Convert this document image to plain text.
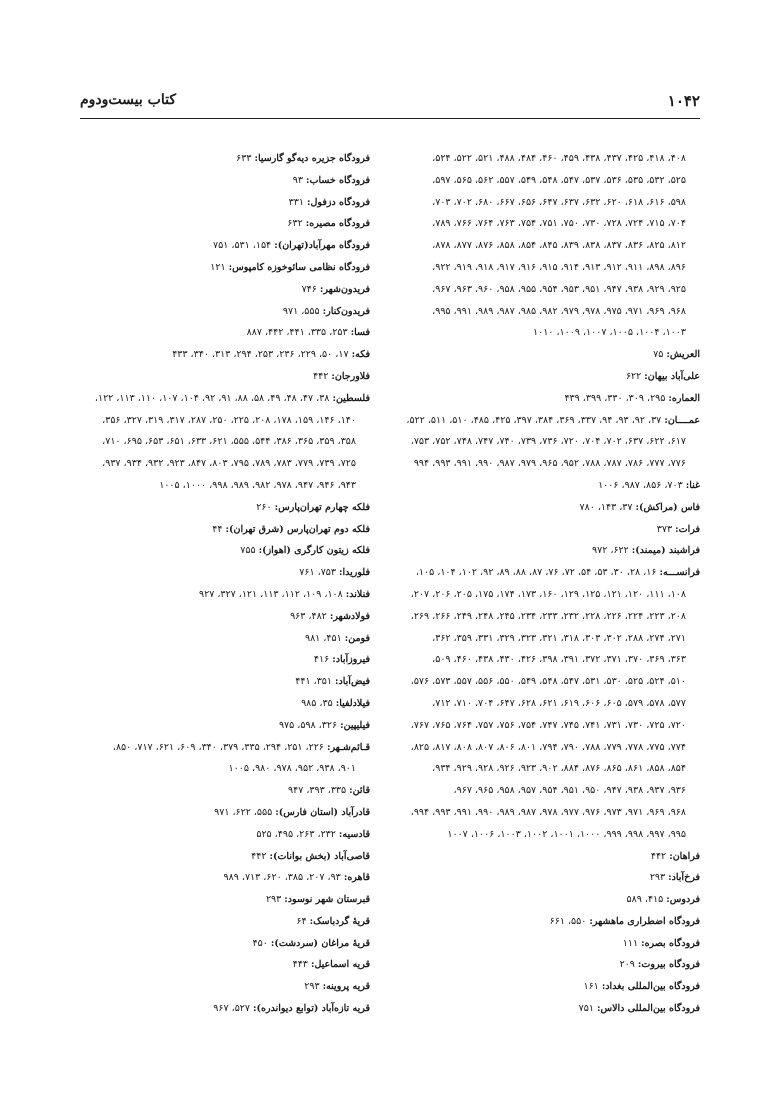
۱۰۴۲
کتاب بیست‌ودوم
۴۰۸، ۴۱۸، ۴۲۵، ۴۳۷، ۴۳۸، ۴۵۹، ۴۶۰، ۴۸۴، ۴۸۸، ۵۲۱، ۵۲۲، ۵۲۴،
۵۲۵، ۵۳۲، ۵۳۵، ۵۳۶، ۵۳۷، ۵۴۷، ۵۴۸، ۵۴۹، ۵۵۷، ۵۶۲، ۵۶۵، ۵۹۷،
۵۹۸، ۶۱۶، ۶۱۸، ۶۲۰، ۶۳۲، ۶۳۷، ۶۴۷، ۶۵۶، ۶۶۷، ۶۸۰، ۷۰۲، ۷۰۳،
۷۰۴، ۷۱۵، ۷۲۴، ۷۲۸، ۷۳۰، ۷۵۰، ۷۵۱، ۷۵۴، ۷۶۳، ۷۶۴، ۷۶۶، ۷۸۹،
۸۱۲، ۸۲۵، ۸۳۶، ۸۳۷، ۸۳۸، ۸۳۹، ۸۴۵، ۸۵۴، ۸۵۸، ۸۷۶، ۸۷۷، ۸۷۸،
۸۹۶، ۸۹۸، ۹۱۱، ۹۱۲، ۹۱۳، ۹۱۴، ۹۱۵، ۹۱۶، ۹۱۷، ۹۱۸، ۹۱۹، ۹۲۲،
۹۲۵، ۹۲۹، ۹۳۸، ۹۴۷، ۹۵۱، ۹۵۳، ۹۵۴، ۹۵۵، ۹۵۸، ۹۶۰، ۹۶۳، ۹۶۷،
۹۶۸، ۹۶۹، ۹۷۱، ۹۷۵، ۹۷۸، ۹۷۹، ۹۸۲، ۹۸۵، ۹۸۷، ۹۸۹، ۹۹۱، ۹۹۵،
۱۰۰۳، ۱۰۰۴، ۱۰۰۵، ۱۰۰۷، ۱۰۰۹، ۱۰۱۰
العریش: ۷۵
علی‌آباد بیهان: ۶۲۲
العماره: ۲۹۵، ۳۰۹، ۳۳۰، ۳۹۹، ۴۳۹
عمــــان: ۳۷، ۹۲، ۹۳، ۹۴، ۳۳۷، ۳۶۹، ۳۸۴، ۳۹۷، ۴۲۵، ۴۸۵، ۵۱۰، ۵۱۱، ۵۲۲،
۶۱۷، ۶۲۲، ۶۳۷، ۷۰۲، ۷۰۴، ۷۲۰، ۷۳۶، ۷۳۹، ۷۴۰، ۷۴۷، ۷۴۸، ۷۵۲، ۷۵۳،
۷۷۶، ۷۷۷، ۷۸۶، ۷۸۷، ۷۸۸، ۹۵۲، ۹۶۵، ۹۷۹، ۹۸۷، ۹۹۰، ۹۹۱، ۹۹۳، ۹۹۴
غنا: ۷۰۳، ۸۵۶، ۹۸۷، ۱۰۰۶
فاس (مراکش): ۳۷، ۱۴۳، ۷۸۰
فرات: ۳۷۳
فراشبند (میمند): ۶۲۲، ۹۷۲
فرانســـه: ۱۶، ۲۸، ۳۰، ۵۳، ۵۴، ۷۲، ۷۶، ۸۷، ۸۸، ۸۹، ۹۲، ۱۰۲، ۱۰۴، ۱۰۵،
۱۰۸، ۱۱۱، ۱۲۰، ۱۲۱، ۱۲۵، ۱۲۹، ۱۶۰، ۱۷۳، ۱۷۴، ۱۷۵، ۲۰۵، ۲۰۶، ۲۰۷،
۲۰۸، ۲۲۳، ۲۲۴، ۲۲۶، ۲۲۸، ۲۳۲، ۲۳۳، ۲۳۴، ۲۴۵، ۲۴۸، ۲۴۹، ۲۶۶، ۲۶۹،
۲۷۱، ۲۷۴، ۲۸۸، ۳۰۲، ۳۰۳، ۳۱۸، ۳۲۱، ۳۲۳، ۳۲۹، ۳۳۱، ۳۵۹، ۳۶۲،
۳۶۳، ۳۶۹، ۳۷۰، ۳۷۱، ۳۷۲، ۳۹۱، ۳۹۸، ۴۲۶، ۴۳۰، ۴۳۸، ۴۶۰، ۵۰۹،
۵۱۰، ۵۲۴، ۵۲۵، ۵۳۰، ۵۳۱، ۵۴۷، ۵۴۸، ۵۴۹، ۵۵۰، ۵۵۶، ۵۵۷، ۵۷۳، ۵۷۶،
۵۷۷، ۵۷۸، ۵۷۹، ۶۰۵، ۶۰۶، ۶۱۹، ۶۲۱، ۶۲۸، ۶۴۷، ۷۰۴، ۷۱۰، ۷۱۲،
۷۲۰، ۷۲۵، ۷۳۰، ۷۳۱، ۷۴۱، ۷۴۵، ۷۴۷، ۷۵۴، ۷۵۶، ۷۵۷، ۷۶۴، ۷۶۵، ۷۶۷،
۷۷۴، ۷۷۵، ۷۷۸، ۷۷۹، ۷۸۸، ۷۹۰، ۷۹۴، ۸۰۱، ۸۰۶، ۸۰۷، ۸۰۸، ۸۱۷، ۸۲۵،
۸۵۴، ۸۵۸، ۸۶۱، ۸۶۵، ۸۷۶، ۸۸۴، ۹۰۲، ۹۲۳، ۹۲۶، ۹۲۸، ۹۲۹، ۹۳۴،
۹۳۶، ۹۳۷، ۹۳۸، ۹۴۷، ۹۵۰، ۹۵۱، ۹۵۴، ۹۵۷، ۹۵۸، ۹۶۵، ۹۶۷،
۹۶۸، ۹۶۹، ۹۷۱، ۹۷۳، ۹۷۶، ۹۷۷، ۹۷۸، ۹۸۷، ۹۸۹، ۹۹۰، ۹۹۱، ۹۹۳، ۹۹۴،
۹۹۵، ۹۹۷، ۹۹۸، ۹۹۹، ۱۰۰۰، ۱۰۰۱، ۱۰۰۲، ۱۰۰۳، ۱۰۰۶، ۱۰۰۷
فراهان: ۴۴۲
فرخ‌آباد: ۲۹۳
فردوس: ۴۱۵، ۵۸۹
فرودگاه اضطراری ماهشهر: ۵۵۰، ۶۶۱
فرودگاه بصره: ۱۱۱
فرودگاه بیروت: ۲۰۹
فرودگاه بین‌المللی بغداد: ۱۶۱
فرودگاه بین‌المللی دالاس: ۷۵۱
فرودگاه جزیره دیه‌گو گارسیا: ۶۳۳
فرودگاه خساب: ۹۳
فرودگاه دزفول: ۳۳۱
فرودگاه مصیره: ۶۳۲
فرودگاه مهرآباد(تهران): ۱۵۴، ۵۳۱، ۷۵۱
فرودگاه نظامی سائوخوزه کامپوس: ۱۲۱
فریدون‌شهر: ۷۴۶
فریدون‌کنار: ۵۵۵، ۹۷۱
فسا: ۲۵۳، ۳۳۵، ۴۴۱، ۴۴۲، ۸۸۷
فکه: ۱۷، ۵۰، ۲۲۹، ۲۳۶، ۲۵۳، ۲۹۴، ۳۱۳، ۳۴۰، ۴۳۳
فلاورجان: ۴۴۲
فلسطین: ۳۸، ۴۷، ۴۸، ۴۹، ۵۸، ۸۸، ۹۱، ۹۲، ۱۰۴، ۱۰۷، ۱۱۰، ۱۱۳، ۱۲۲،
۱۴۰، ۱۴۶، ۱۵۹، ۱۷۸، ۲۰۸، ۲۲۵، ۲۵۰، ۲۸۷، ۳۱۷، ۳۱۹، ۳۲۷، ۳۵۶،
۳۵۸، ۳۵۹، ۳۶۵، ۳۸۶، ۵۴۴، ۵۵۵، ۶۲۱، ۶۳۳، ۶۵۱، ۶۵۳، ۶۹۵، ۷۱۰،
۷۲۵، ۷۳۹، ۷۷۹، ۷۸۳، ۷۸۹، ۷۹۵، ۸۰۳، ۸۴۷، ۹۲۳، ۹۳۲، ۹۳۴، ۹۳۷،
۹۴۳، ۹۴۶، ۹۴۷، ۹۷۸، ۹۸۲، ۹۸۹، ۹۹۸، ۱۰۰۰، ۱۰۰۵
فلکه چهارم تهران‌پارس: ۲۶۰
فلکه دوم تهران‌پارس (شرق تهران): ۴۴
فلکه زیتون کارگری (اهواز): ۷۵۵
فلوریدا: ۷۵۳، ۷۶۱
فنلاند: ۱۰۸، ۱۰۹، ۱۱۲، ۱۱۳، ۱۲۱، ۳۲۷، ۹۲۷
فولادشهر: ۴۸۲، ۹۶۳
فومن: ۴۵۱، ۹۸۱
فیروزآباد: ۴۱۶
فیض‌آباد: ۳۵۱، ۴۴۱
فیلادلفیا: ۳۵، ۹۸۵
فیلیپین: ۳۲۶، ۵۹۸، ۹۷۵
قـائم‌شـهر: ۲۲۶، ۲۵۱، ۲۹۴، ۳۳۵، ۳۷۹، ۳۴۰، ۶۰۹، ۶۲۱، ۷۱۷، ۸۵۰،
۹۰۱، ۹۳۸، ۹۵۲، ۹۷۸، ۹۸۰، ۱۰۰۵
قائن: ۳۳۵، ۳۹۳، ۹۴۷
قادرآباد (استان فارس): ۵۵۵، ۶۲۲، ۹۷۱
قادسیه: ۲۳۲، ۲۶۳، ۴۹۵، ۵۲۵
قاصی‌آباد (بخش بوانات): ۴۴۲
قاهره: ۹۳، ۲۰۷، ۳۸۵، ۶۲۰، ۷۱۳، ۹۸۹
قبرستان شهر نوسود: ۲۹۳
قریهٔ گردباسک: ۶۴
قریهٔ مراغان (سردشت): ۴۵۰
قریه اسماعیل: ۴۴۳
قریه پروینه: ۲۹۳
قریه تازه‌آباد (توابع دیواندره): ۵۲۷، ۹۶۷
